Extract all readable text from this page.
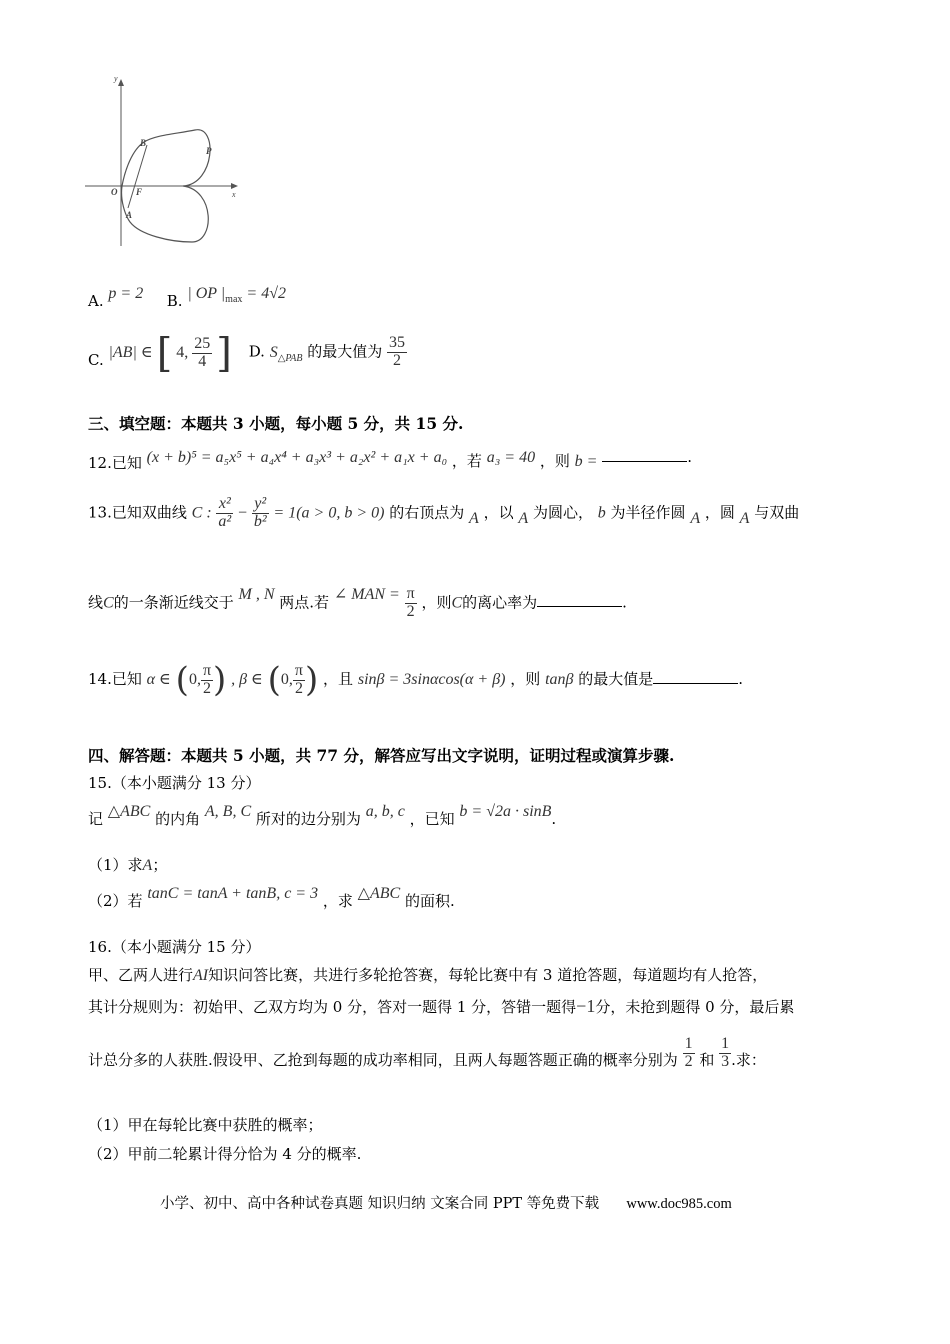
y
x
O F
A
B
P
A. p = 2 B. | OP $|_{max} = 4√2$
C. |AB| ∈ [ 4, $\frac{25}{4}$ ] D. $S_{\triangle PAB}$ 的最大值为 $\frac{35}{2}$
三、填空题：本题共 3 小题，每小题 5 分，共 15 分.
12.已知 (x + b)⁵ = a₅x⁵ + a₄x⁴ + a₃x³ + a₂x² + a₁x + a₀ ，若 a₃ = 40 ，则 b =	.
13.已知双曲线 C : $\frac{\text{x²}}{\text{a²}} - \frac{\text{y²}}{\text{b²}} = 1(a > 0$, b > 0) 的右顶点为 A ，以 A 为圆心， b 为半径作圆 A ，圆 A 与双曲
线C的一条渐近线交于 M , N 两点.若 ∠ MAN = $\frac{\pi}{2}$ ，则C的离心率为	.
14.已知 α ∈ (0, $\frac{\pi}{2}$ ) , β ∈ (0, $\frac{\pi}{2}$ ) ，且 sinβ = 3sinαcos(α + β) ，则 tanβ 的最大值是	.
四、解答题：本题共 5 小题，共 77 分，解答应写出文字说明，证明过程或演算步骤.
15.（本小题满分 13 分）
记 △ABC 的内角 A, B, C 所对的边分别为 a, b, c ，已知 b = √2a · sinB.
（1）求A；
（2）若 tanC = tanA + tanB, c = 3 ，求 △ABC 的面积.
16.（本小题满分 15 分）
甲、乙两人进行AI知识问答比赛，共进行多轮抢答赛，每轮比赛中有 3 道抢答题，每道题均有人抢答，
其计分规则为：初始甲、乙双方均为 0 分，答对一题得 1 分，答错一题得−1分，未抢到题得 0 分，最后累
计总分多的人获胜.假设甲、乙抢到每题的成功率相同，且两人每题答题正确的概率分别为 $\frac{1}{2}$ 和 $\frac{1}{3}$ .求：
（1）甲在每轮比赛中获胜的概率；
（2）甲前二轮累计得分恰为 4 分的概率.
小学、初中、高中各种试卷真题 知识归纳 文案合同 PPT 等免费下载 www.doc985.com
